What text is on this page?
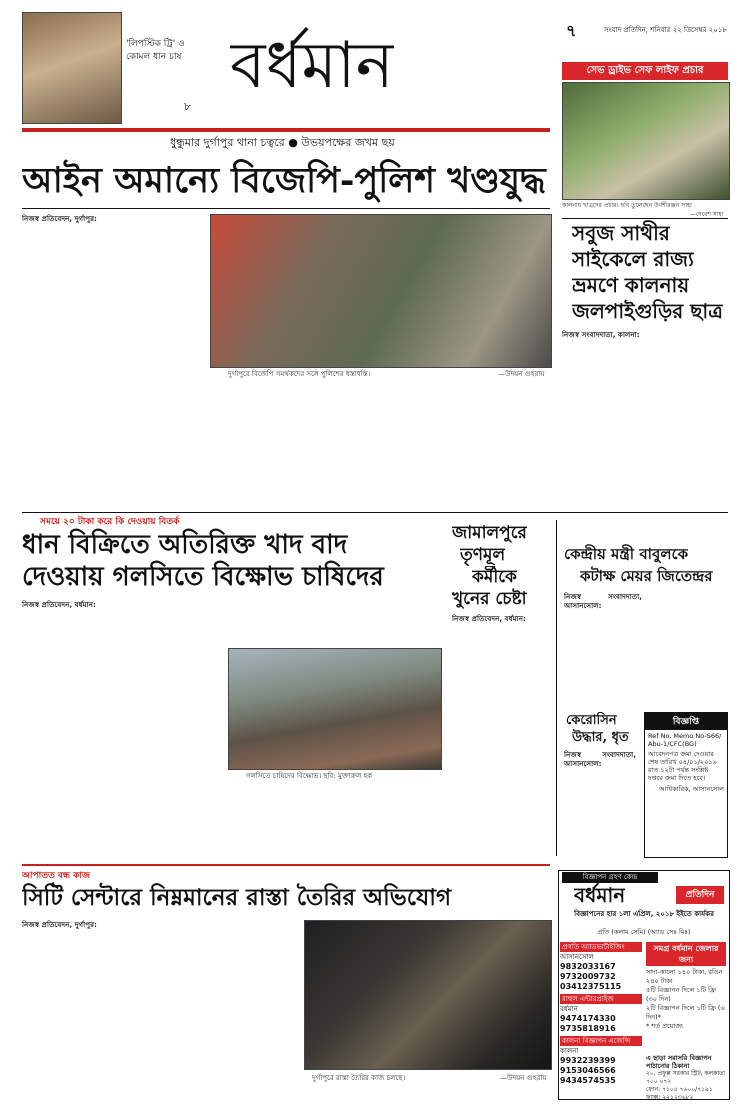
'লিপস্টিক ট্রি' ও কোমল ধান চাষ
৮
বর্ধমান	৭	সংবাদ প্রতিদিন, শনিবার ২২ ডিসেম্বর ২০১৮
ধুন্ধুমার দুর্গাপুর থানা চত্বরে ● উভয়পক্ষের জখম ছয়
আইন অমান্যে বিজেপি-পুলিশ খণ্ডযুদ্ধ
নিজস্ব প্রতিবেদন, দুর্গাপুর:
দুর্গাপুরে বিজেপি সমর্থকদের সঙ্গে পুলিশের ধস্তাধস্তি।	—উদয়ন গুহরায়
সেভ ড্রাইভ সেফ লাইফ প্রচার
কালনায় ছাত্রদের প্রচার। ছবি তুলেছেন উর্বশীরঞ্জন সাহা
—দেবেশ সাহা
সবুজ সাথীর
সাইকেলে রাজ্য
ভ্রমণে কালনায়
জলপাইগুড়ির ছাত্র
নিজস্ব সংবাদদাতা, কালনা:
সময়ে ২০ টাকা করে কি দেওয়ায় বিতর্ক
ধান বিক্রিতে অতিরিক্ত খাদ বাদ
দেওয়ায় গলসিতে বিক্ষোভ চাষিদের
নিজস্ব প্রতিবেদন, বর্ধমান:
গলসিতে চাষিদের বিক্ষোভ। ছবি: মুক্তারুল হক
জামালপুরে
তৃণমূল
কর্মীকে
খুনের চেষ্টা
নিজস্ব প্রতিবেদন, বর্ধমান:
কেন্দ্রীয় মন্ত্রী বাবুলকে
কটাক্ষ মেয়র জিতেন্দ্রর
নিজস্ব সংবাদদাতা, আসানসোল:
কেরোসিন
উদ্ধার, ধৃত
নিজস্ব সংবাদদাতা, আসানসোল:
বিজ্ঞপ্তি
Ref No. Memo No-S66/Abu-1/CFC(BG)
আবেদনপত্র জমা দেওয়ার শেষ তারিখ ০৪/০১/২০১৯ রাত ১২টা পর্যন্ত সংশ্লিষ্ট দপ্তরে জমা দিতে হবে।
আধিকারিক, আসানসোল
আপাতত বন্ধ কাজ
সিটি সেন্টারে নিম্নমানের রাস্তা তৈরির অভিযোগ
নিজস্ব প্রতিবেদন, দুর্গাপুর:
দুর্গাপুরে রাস্তা তৈরির কাজ চলছে।	—উদয়ন গুহরায়
বিজ্ঞাপন গ্রহণ কেন্দ্র
বর্ধমান	প্রতিদিন
বিজ্ঞাপনের হার ১লা এপ্রিল, ২০১৮ ইইতে কার্যকর
প্রতি (কলাম সেমি) (অ্যাড সেঃ মিঃ)
প্রগতি অ্যাডভার্টাইজিং
আসানসোল
9832033167
9732009732
03412375115
রাহুল এন্টারপ্রাইজ
বর্ধমান
9474174330
9735818916
কালনা বিজ্ঞাপন এজেন্সি
কালনা
9932239399
9153046566
9434574535
সমগ্র বর্ধমান জেলার জন্য
সাদা-কালো ১৪০ টাকা, রঙিন ২৪০ টাকা
৫টি বিজ্ঞাপন দিলে ১টি ফ্রি (৩০ দিন)
২টি বিজ্ঞাপন দিলে ১টি ফ্রি (৬ দিন)*
* শর্ত প্রযোজ্য
এ ছাড়া সরাসরি বিজ্ঞাপন পাঠানোর ঠিকানা
২০, প্রফুল্ল সরকার স্ট্রিট, কলকাতা ৭০০ ০৭২
ফোন: ৭১০৫ ৭৬০০/৭১৯১ ফ্যাক্স: ২২১২৩৬৮২
